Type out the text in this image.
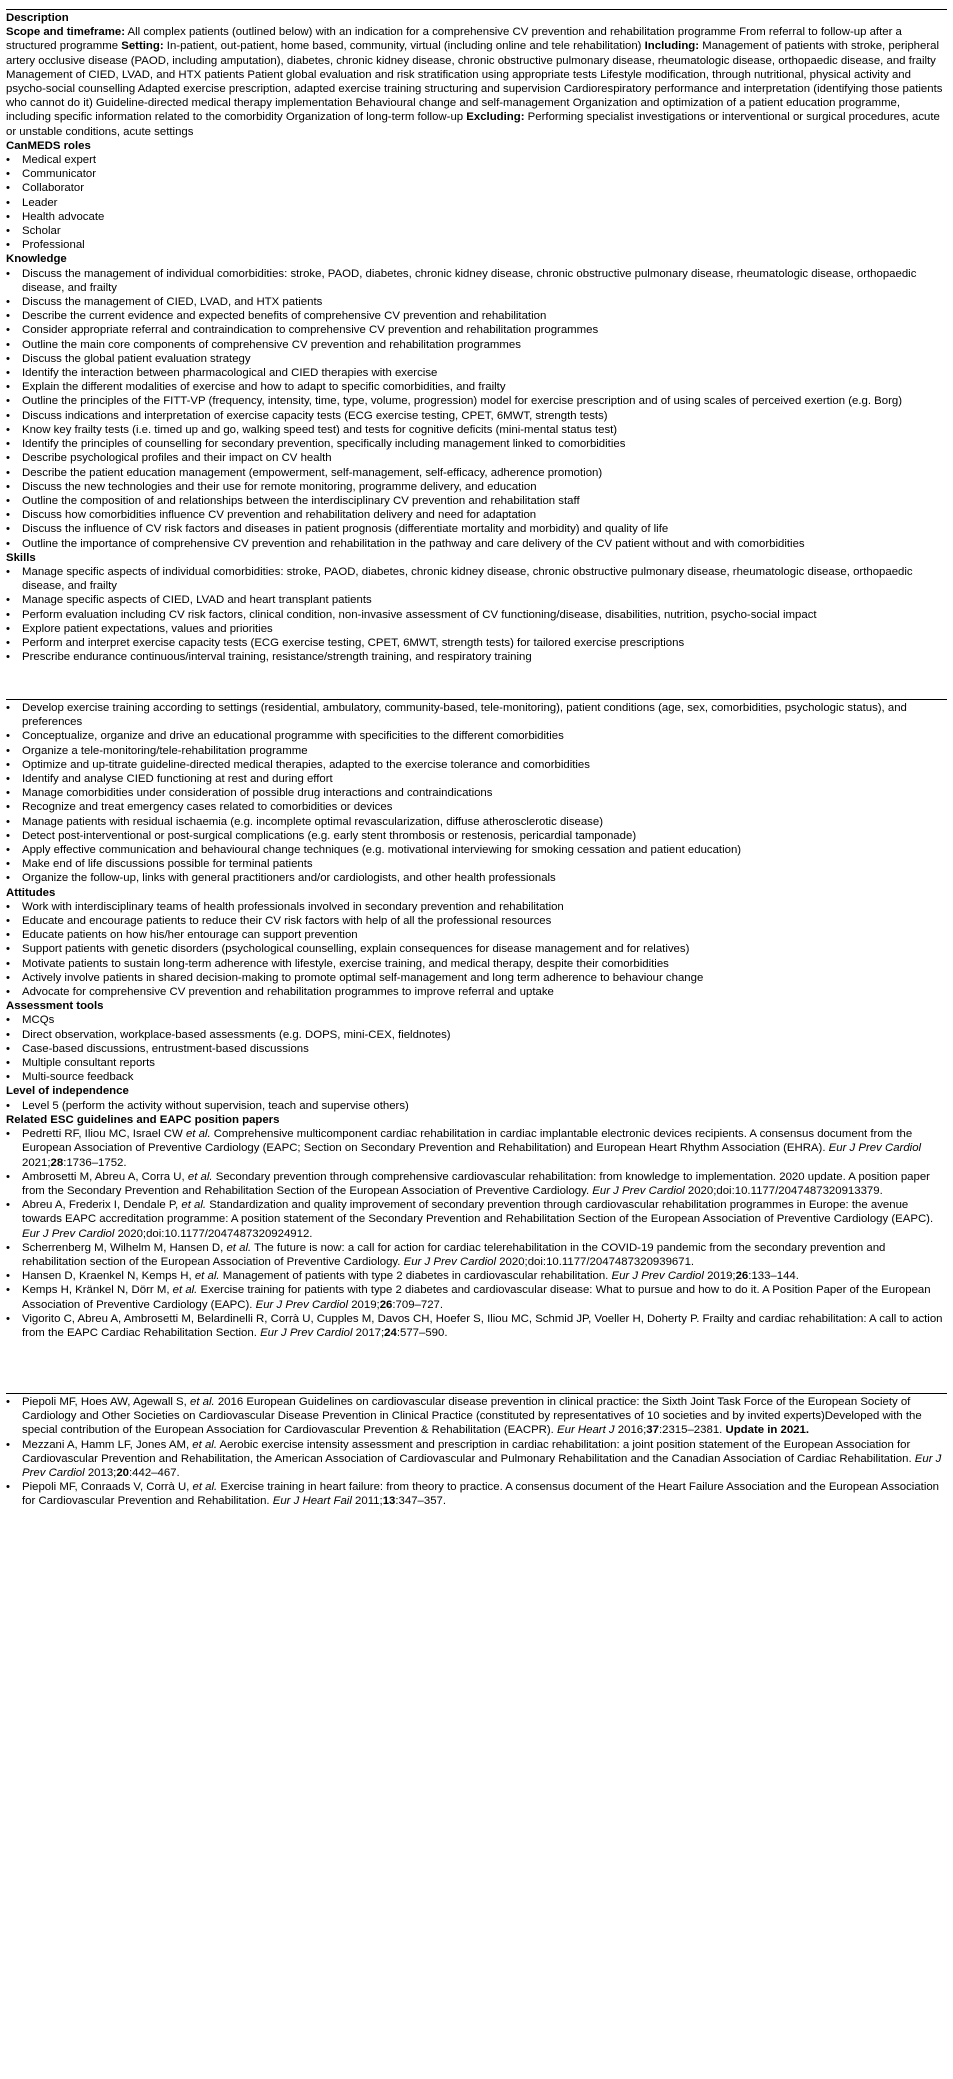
Description

Scope and timeframe: All complex patients (outlined below) with an indication for a comprehensive CV prevention and rehabilitation programme From referral to follow-up after a structured programme Setting: In-patient, out-patient, home based, community, virtual (including online and tele rehabilitation) Including: Management of patients with stroke, peripheral artery occlusive disease (PAOD, including amputation), diabetes, chronic kidney disease, chronic obstructive pulmonary disease, rheumatologic disease, orthopaedic disease, and frailty Management of CIED, LVAD, and HTX patients Patient global evaluation and risk stratification using appropriate tests Lifestyle modification, through nutritional, physical activity and psycho-social counselling Adapted exercise prescription, adapted exercise training structuring and supervision Cardiorespiratory performance and interpretation (identifying those patients who cannot do it) Guideline-directed medical therapy implementation Behavioural change and self-management Organization and optimization of a patient education programme, including specific information related to the comorbidity Organization of long-term follow-up Excluding: Performing specialist investigations or interventional or surgical procedures, acute or unstable conditions, acute settings

CanMEDS roles
• Medical expert
• Communicator
• Collaborator
• Leader
• Health advocate
• Scholar
• Professional
Knowledge
• Discuss the management of individual comorbidities: stroke, PAOD, diabetes, chronic kidney disease, chronic obstructive pulmonary disease, rheumatologic disease, orthopaedic disease, and frailty
• Discuss the management of CIED, LVAD, and HTX patients
• Describe the current evidence and expected benefits of comprehensive CV prevention and rehabilitation
• Consider appropriate referral and contraindication to comprehensive CV prevention and rehabilitation programmes
• Outline the main core components of comprehensive CV prevention and rehabilitation programmes
• Discuss the global patient evaluation strategy
• Identify the interaction between pharmacological and CIED therapies with exercise
• Explain the different modalities of exercise and how to adapt to specific comorbidities, and frailty
• Outline the principles of the FITT-VP (frequency, intensity, time, type, volume, progression) model for exercise prescription and of using scales of perceived exertion (e.g. Borg)
• Discuss indications and interpretation of exercise capacity tests (ECG exercise testing, CPET, 6MWT, strength tests)
• Know key frailty tests (i.e. timed up and go, walking speed test) and tests for cognitive deficits (mini-mental status test)
• Identify the principles of counselling for secondary prevention, specifically including management linked to comorbidities
• Describe psychological profiles and their impact on CV health
• Describe the patient education management (empowerment, self-management, self-efficacy, adherence promotion)
• Discuss the new technologies and their use for remote monitoring, programme delivery, and education
• Outline the composition of and relationships between the interdisciplinary CV prevention and rehabilitation staff
• Discuss how comorbidities influence CV prevention and rehabilitation delivery and need for adaptation
• Discuss the influence of CV risk factors and diseases in patient prognosis (differentiate mortality and morbidity) and quality of life
• Outline the importance of comprehensive CV prevention and rehabilitation in the pathway and care delivery of the CV patient without and with comorbidities
Skills
• Manage specific aspects of individual comorbidities: stroke, PAOD, diabetes, chronic kidney disease, chronic obstructive pulmonary disease, rheumatologic disease, orthopaedic disease, and frailty
• Manage specific aspects of CIED, LVAD and heart transplant patients
• Perform evaluation including CV risk factors, clinical condition, non-invasive assessment of CV functioning/disease, disabilities, nutrition, psycho-social impact
• Explore patient expectations, values and priorities
• Perform and interpret exercise capacity tests (ECG exercise testing, CPET, 6MWT, strength tests) for tailored exercise prescriptions
• Prescribe endurance continuous/interval training, resistance/strength training, and respiratory training
• Develop exercise training according to settings (residential, ambulatory, community-based, tele-monitoring), patient conditions (age, sex, comorbidities, psychologic status), and preferences
• Conceptualize, organize and drive an educational programme with specificities to the different comorbidities
• Organize a tele-monitoring/tele-rehabilitation programme
• Optimize and up-titrate guideline-directed medical therapies, adapted to the exercise tolerance and comorbidities
• Identify and analyse CIED functioning at rest and during effort
• Manage comorbidities under consideration of possible drug interactions and contraindications
• Recognize and treat emergency cases related to comorbidities or devices
• Manage patients with residual ischaemia (e.g. incomplete optimal revascularization, diffuse atherosclerotic disease)
• Detect post-interventional or post-surgical complications (e.g. early stent thrombosis or restenosis, pericardial tamponade)
• Apply effective communication and behavioural change techniques (e.g. motivational interviewing for smoking cessation and patient education)
• Make end of life discussions possible for terminal patients
• Organize the follow-up, links with general practitioners and/or cardiologists, and other health professionals
Attitudes
• Work with interdisciplinary teams of health professionals involved in secondary prevention and rehabilitation
• Educate and encourage patients to reduce their CV risk factors with help of all the professional resources
• Educate patients on how his/her entourage can support prevention
• Support patients with genetic disorders (psychological counselling, explain consequences for disease management and for relatives)
• Motivate patients to sustain long-term adherence with lifestyle, exercise training, and medical therapy, despite their comorbidities
• Actively involve patients in shared decision-making to promote optimal self-management and long term adherence to behaviour change
• Advocate for comprehensive CV prevention and rehabilitation programmes to improve referral and uptake
Assessment tools
• MCQs
• Direct observation, workplace-based assessments (e.g. DOPS, mini-CEX, fieldnotes)
• Case-based discussions, entrustment-based discussions
• Multiple consultant reports
• Multi-source feedback
Level of independence
• Level 5 (perform the activity without supervision, teach and supervise others)
Related ESC guidelines and EAPC position papers
• Pedretti RF, Iliou MC, Israel CW et al. Comprehensive multicomponent cardiac rehabilitation in cardiac implantable electronic devices recipients. A consensus document from the European Association of Preventive Cardiology (EAPC; Section on Secondary Prevention and Rehabilitation) and European Heart Rhythm Association (EHRA). Eur J Prev Cardiol 2021;28:1736–1752.
• Ambrosetti M, Abreu A, Corra U, et al. Secondary prevention through comprehensive cardiovascular rehabilitation: from knowledge to implementation. 2020 update. A position paper from the Secondary Prevention and Rehabilitation Section of the European Association of Preventive Cardiology. Eur J Prev Cardiol 2020;doi:10.1177/2047487320913379.
• Abreu A, Frederix I, Dendale P, et al. Standardization and quality improvement of secondary prevention through cardiovascular rehabilitation programmes in Europe: the avenue towards EAPC accreditation programme: A position statement of the Secondary Prevention and Rehabilitation Section of the European Association of Preventive Cardiology (EAPC). Eur J Prev Cardiol 2020;doi:10.1177/2047487320924912.
• Scherrenberg M, Wilhelm M, Hansen D, et al. The future is now: a call for action for cardiac telerehabilitation in the COVID-19 pandemic from the secondary prevention and rehabilitation section of the European Association of Preventive Cardiology. Eur J Prev Cardiol 2020;doi:10.1177/2047487320939671.
• Hansen D, Kraenkel N, Kemps H, et al. Management of patients with type 2 diabetes in cardiovascular rehabilitation. Eur J Prev Cardiol 2019;26:133–144.
• Kemps H, Kränkel N, Dörr M, et al. Exercise training for patients with type 2 diabetes and cardiovascular disease: What to pursue and how to do it. A Position Paper of the European Association of Preventive Cardiology (EAPC). Eur J Prev Cardiol 2019;26:709–727.
• Vigorito C, Abreu A, Ambrosetti M, Belardinelli R, Corrà U, Cupples M, Davos CH, Hoefer S, Iliou MC, Schmid JP, Voeller H, Doherty P. Frailty and cardiac rehabilitation: A call to action from the EAPC Cardiac Rehabilitation Section. Eur J Prev Cardiol 2017;24:577–590.
• Piepoli MF, Hoes AW, Agewall S, et al. 2016 European Guidelines on cardiovascular disease prevention in clinical practice: the Sixth Joint Task Force of the European Society of Cardiology and Other Societies on Cardiovascular Disease Prevention in Clinical Practice (constituted by representatives of 10 societies and by invited experts)Developed with the special contribution of the European Association for Cardiovascular Prevention & Rehabilitation (EACPR). Eur Heart J 2016;37:2315–2381. Update in 2021.
• Mezzani A, Hamm LF, Jones AM, et al. Aerobic exercise intensity assessment and prescription in cardiac rehabilitation: a joint position statement of the European Association for Cardiovascular Prevention and Rehabilitation, the American Association of Cardiovascular and Pulmonary Rehabilitation and the Canadian Association of Cardiac Rehabilitation. Eur J Prev Cardiol 2013;20:442–467.
• Piepoli MF, Conraads V, Corrà U, et al. Exercise training in heart failure: from theory to practice. A consensus document of the Heart Failure Association and the European Association for Cardiovascular Prevention and Rehabilitation. Eur J Heart Fail 2011;13:347–357.
